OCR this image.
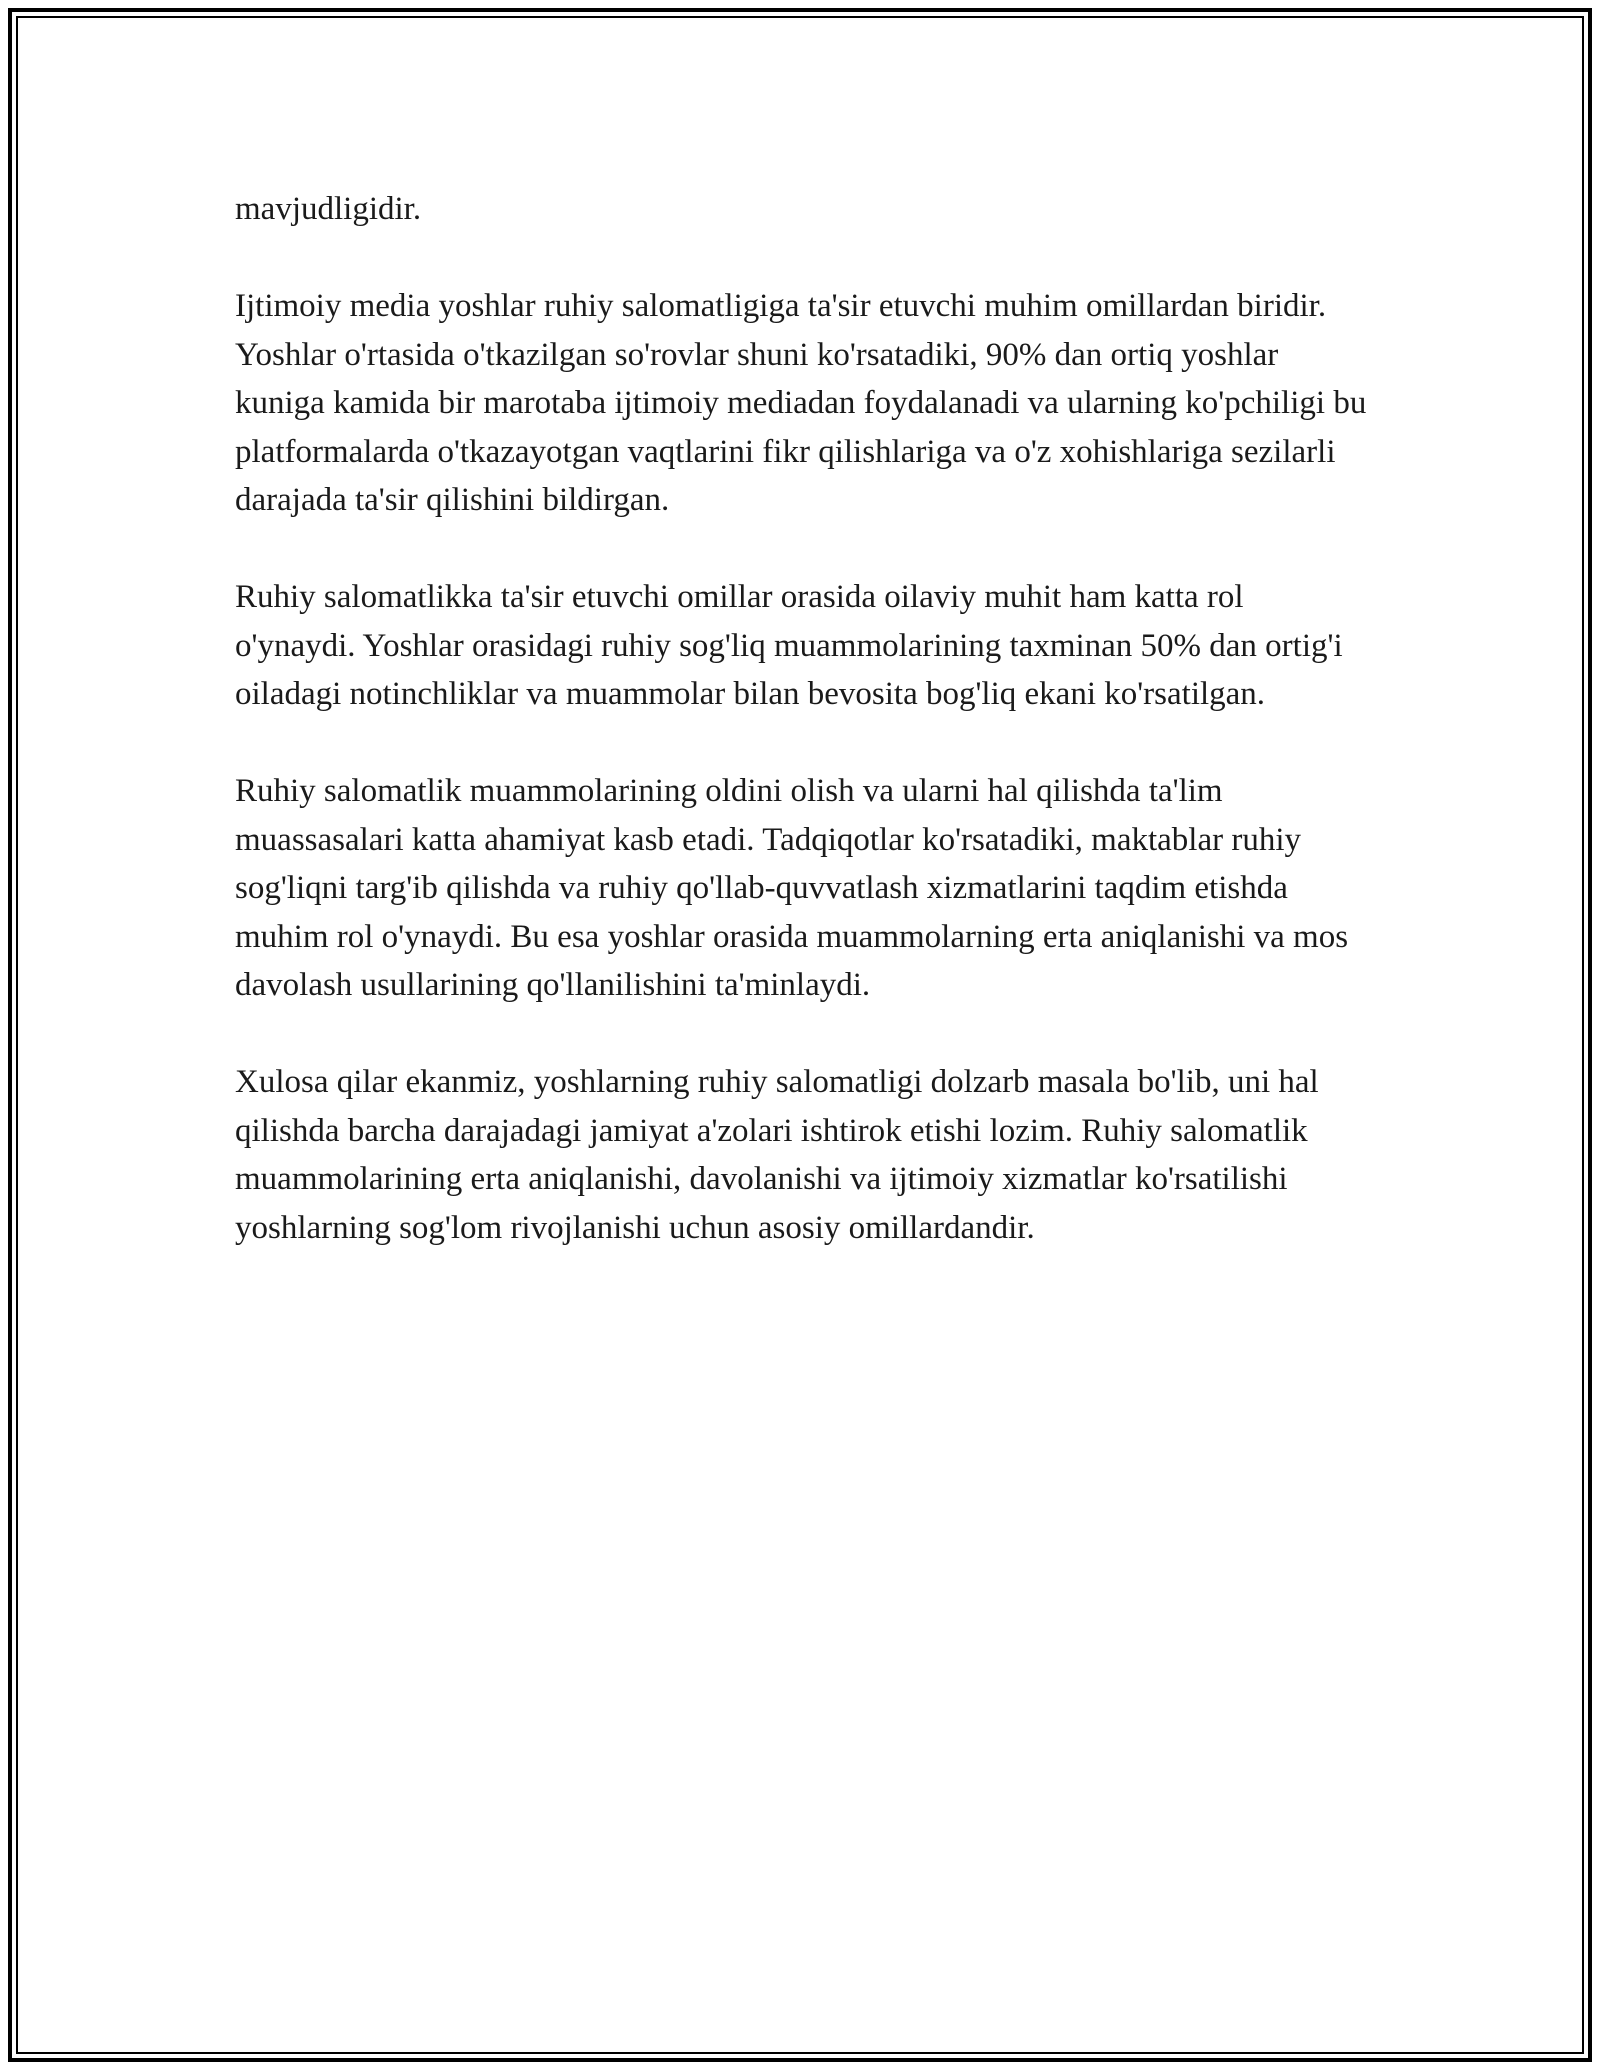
mavjudligidir.

Ijtimoiy media yoshlar ruhiy salomatligiga ta'sir etuvchi muhim omillardan biridir. Yoshlar o'rtasida o'tkazilgan so'rovlar shuni ko'rsatadiki, 90% dan ortiq yoshlar kuniga kamida bir marotaba ijtimoiy mediadan foydalanadi va ularning ko'pchiligi bu platformalarda o'tkazayotgan vaqtlarini fikr qilishlariga va o'z xohishlariga sezilarli darajada ta'sir qilishini bildirgan.

Ruhiy salomatlikka ta'sir etuvchi omillar orasida oilaviy muhit ham katta rol o'ynaydi. Yoshlar orasidagi ruhiy sog'liq muammolarining taxminan 50% dan ortig'i oiladagi notinchliklar va muammolar bilan bevosita bog'liq ekani ko'rsatilgan.

Ruhiy salomatlik muammolarining oldini olish va ularni hal qilishda ta'lim muassasalari katta ahamiyat kasb etadi. Tadqiqotlar ko'rsatadiki, maktablar ruhiy sog'liqni targ'ib qilishda va ruhiy qo'llab-quvvatlash xizmatlarini taqdim etishda muhim rol o'ynaydi. Bu esa yoshlar orasida muammolarning erta aniqlanishi va mos davolash usullarining qo'llanilishini ta'minlaydi.

Xulosa qilar ekanmiz, yoshlarning ruhiy salomatligi dolzarb masala bo'lib, uni hal qilishda barcha darajadagi jamiyat a'zolari ishtirok etishi lozim. Ruhiy salomatlik muammolarining erta aniqlanishi, davolanishi va ijtimoiy xizmatlar ko'rsatilishi yoshlarning sog'lom rivojlanishi uchun asosiy omillardandir.
